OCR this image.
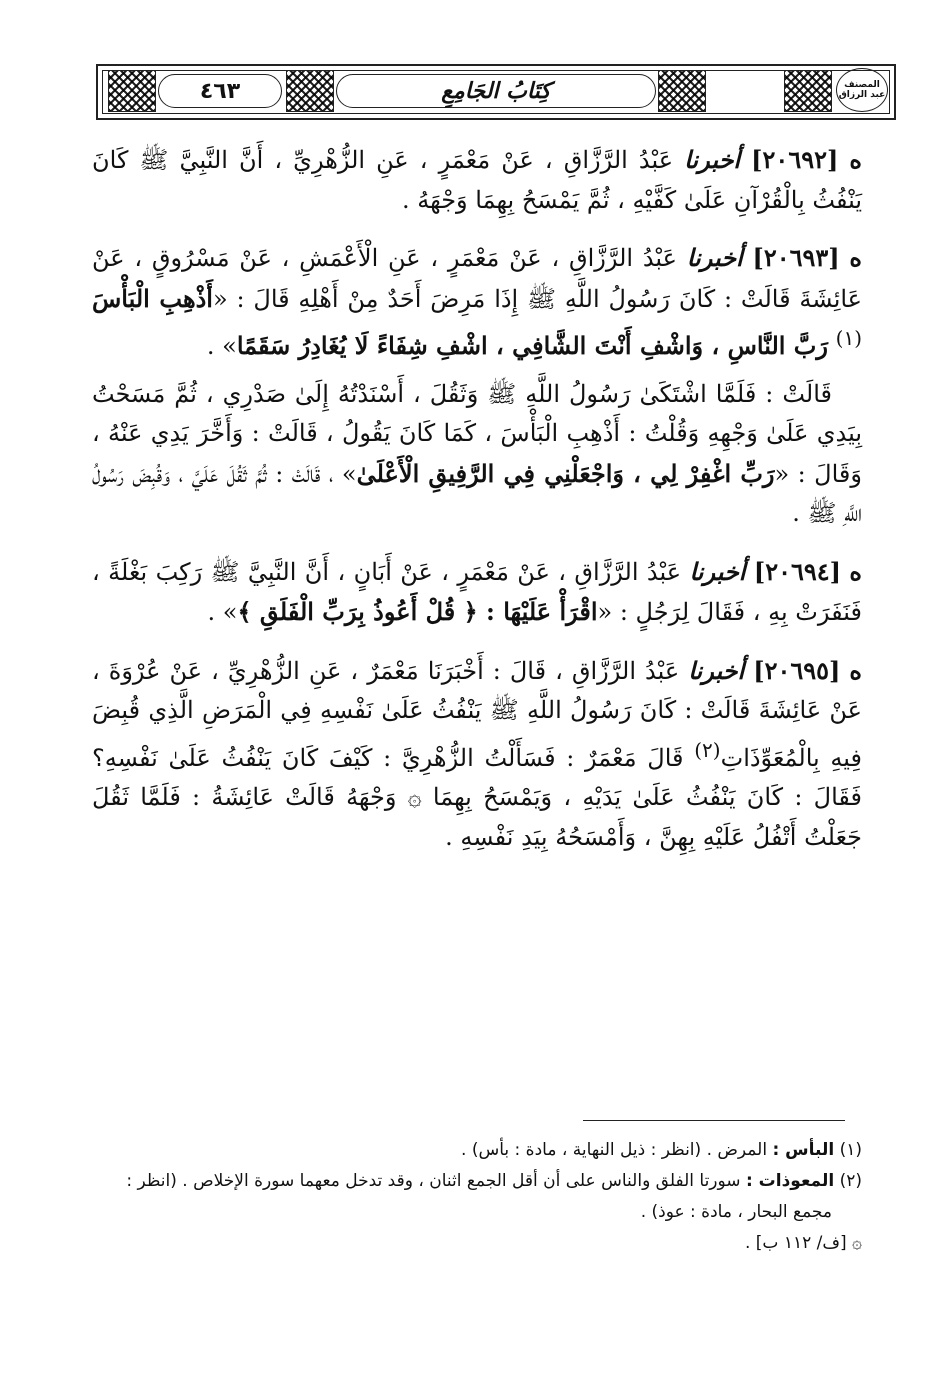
٤٦٣	كِتَابُ الجَامِعِ	المصنف
عبد الرزاق

ه [٢٠٦٩٢] أخبرنا عَبْدُ الرَّزَّاقِ ، عَنْ مَعْمَرٍ ، عَنِ الزُّهْرِيِّ ، أَنَّ النَّبِيَّ ﷺ كَانَ يَنْفُثُ بِالْقُرْآنِ عَلَىٰ كَفَّيْهِ ، ثُمَّ يَمْسَحُ بِهِمَا وَجْهَهُ .

ه [٢٠٦٩٣] أخبرنا عَبْدُ الرَّزَّاقِ ، عَنْ مَعْمَرٍ ، عَنِ الْأَعْمَشِ ، عَنْ مَسْرُوقٍ ، عَنْ عَائِشَةَ قَالَتْ : كَانَ رَسُولُ اللَّهِ ﷺ إِذَا مَرِضَ أَحَدٌ مِنْ أَهْلِهِ قَالَ : «أَذْهِبِ الْبَأْسَ $^{(١)}$ رَبَّ النَّاسِ ، وَاشْفِ أَنْتَ الشَّافِي ، اشْفِ شِفَاءً لَا يُغَادِرُ سَقَمًا» .

قَالَتْ : فَلَمَّا اشْتَكَىٰ رَسُولُ اللَّهِ ﷺ وَثَقُلَ ، أَسْنَدْتُهُ إِلَىٰ صَدْرِي ، ثُمَّ مَسَحْتُ بِيَدِي عَلَىٰ وَجْهِهِ وَقُلْتُ : أَذْهِبِ الْبَأْسَ ، كَمَا كَانَ يَقُولُ ، قَالَتْ : وَأَخَّرَ يَدِي عَنْهُ ، وَقَالَ : «رَبِّ اغْفِرْ لِي ، وَاجْعَلْنِي فِي الرَّفِيقِ الْأَعْلَىٰ» ، قَالَتْ : ثُمَّ ثَقُلَ عَلَيَّ ، وَقُبِضَ رَسُولُ اللَّهِ ﷺ .

ه [٢٠٦٩٤] أخبرنا عَبْدُ الرَّزَّاقِ ، عَنْ مَعْمَرٍ ، عَنْ أَبَانٍ ، أَنَّ النَّبِيَّ ﷺ رَكِبَ بَغْلَةً ، فَنَفَرَتْ بِهِ ، فَقَالَ لِرَجُلٍ : «اقْرَأْ عَلَيْهَا : ﴿ قُلْ أَعُوذُ بِرَبِّ الْفَلَقِ ﴾» .

ه [٢٠٦٩٥] أخبرنا عَبْدُ الرَّزَّاقِ ، قَالَ : أَخْبَرَنَا مَعْمَرٌ ، عَنِ الزُّهْرِيِّ ، عَنْ عُرْوَةَ ، عَنْ عَائِشَةَ قَالَتْ : كَانَ رَسُولُ اللَّهِ ﷺ يَنْفُثُ عَلَىٰ نَفْسِهِ فِي الْمَرَضِ الَّذِي قُبِضَ فِيهِ بِالْمُعَوِّذَاتِ$^{(٢)}$ قَالَ مَعْمَرٌ : فَسَأَلْتُ الزُّهْرِيَّ : كَيْفَ كَانَ يَنْفُثُ عَلَىٰ نَفْسِهِ؟ فَقَالَ : كَانَ يَنْفُثُ عَلَىٰ يَدَيْهِ ، وَيَمْسَحُ بِهِمَا ۞ وَجْهَهُ قَالَتْ عَائِشَةُ : فَلَمَّا ثَقُلَ جَعَلْتُ أَتْفُلُ عَلَيْهِ بِهِنَّ ، وَأَمْسَحُهُ بِيَدِ نَفْسِهِ .

(١) البأس : المرض . (انظر : ذيل النهاية ، مادة : بأس) .

(٢) المعوذات : سورتا الفلق والناس على أن أقل الجمع اثنان ، وقد تدخل معهما سورة الإخلاص . (انظر :

مجمع البحار ، مادة : عوذ) .

۞ [ف/ ١١٢ ب] .
